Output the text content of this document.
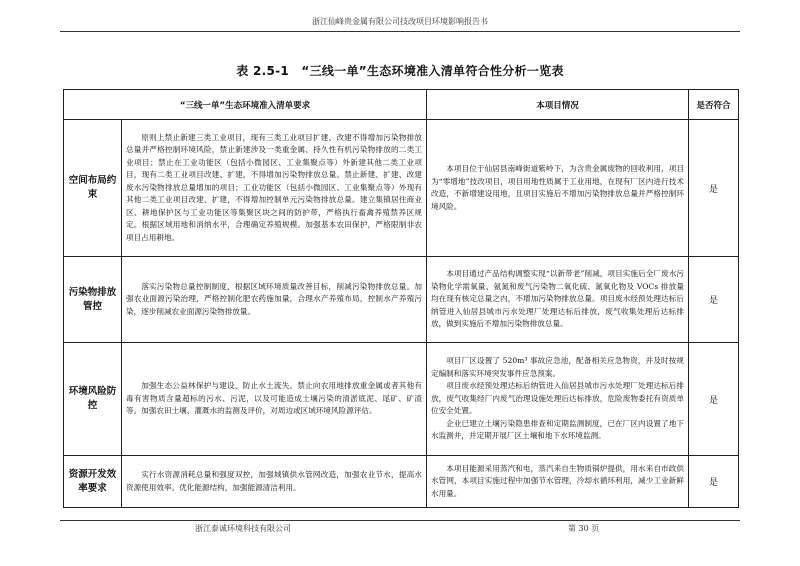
浙江仙峰贵金属有限公司技改项目环境影响报告书
表 2.5-1　“三线一单”生态环境准入清单符合性分析一览表
“三线一单”生态环境准入清单要求		本项目情况	是否符合
空间布局约束	原则上禁止新建三类工业项目，现有三类工业项目扩建、改建不得增加污染物排放总量并严格控制环境风险，禁止新建涉及一类重金属、持久性有机污染物排放的二类工业项目；禁止在工业功能区（包括小微园区、工业集聚点等）外新建其他二类工业项目，现有二类工业项目改建、扩建，不得增加污染物排放总量。禁止新建、扩建、改建废水污染物排放总量增加的项目；工业功能区（包括小微园区、工业集聚点等）外现有其他二类工业项目改建、扩建，不得增加控制单元污染物排放总量。建立集镇居住商业区、耕地保护区与工业功能区等集聚区块之间的防护带，严格执行畜禽养殖禁养区规定。根据区域用地和消纳水平，合理确定养殖规模。加强基本农田保护，严格限制非农项目占用耕地。	本项目位于仙居县南峰街道紫岭下，为含贵金属废物的回收利用，项目为“零增地”技改项目，项目用地性质属于工业用地，在现有厂区内进行技术改造，不新增建设用地，且项目实施后不增加污染物排放总量并严格控制环境风险。	是
污染物排放管控	落实污染物总量控制制度，根据区域环境质量改善目标，削减污染物排放总量。加强农业面源污染治理，严格控制化肥农药施加量，合理水产养殖布局，控制水产养殖污染，逐步削减农业面源污染物排放量。	本项目通过产品结构调整实现“以新带老”削减，项目实施后全厂废水污染物化学需氧量、氨氮和废气污染物二氧化硫、氮氧化物及 VOCs 排放量均在现有核定总量之内，不增加污染物排放总量。项目废水经预处理达标后纳管进入仙居县城市污水处理厂处理达标后排放，废气收集处理后达标排放，做到实施后不增加污染物排放总量。	是
环境风险防控	加强生态公益林保护与建设，防止水土流失。禁止向农用地排放重金属或者其他有毒有害物质含量超标的污水、污泥，以及可能造成土壤污染的清淤底泥、尾矿、矿渣等。加强农田土壤、灌溉水的监测及评价，对周边或区域环境风险源评估。	项目厂区设置了 520m³ 事故应急池，配备相关应急物资，并及时按规定编制和落实环境突发事件应急预案。

项目废水经预处理达标后纳管进入仙居县城市污水处理厂处理达标后排放，废气收集经厂内废气治理设施处理后达标排放，危险废物委托有资质单位安全处置。

企业已建立土壤污染隐患排查和定期监测制度，已在厂区内设置了地下水监测井，并定期开展厂区土壤和地下水环境监测。	是
资源开发效率要求	实行水资源消耗总量和强度双控，加强城镇供水管网改造，加强农业节水，提高水资源使用效率。优化能源结构，加强能源清洁利用。	本项目能源采用蒸汽和电，蒸汽来自生物质锅炉提供，用水来自市政供水管网，本项目实施过程中加强节水管理，冷却水循环利用，减少工业新鲜水用量。	是
浙江泰诚环境科技有限公司	第 30 页
